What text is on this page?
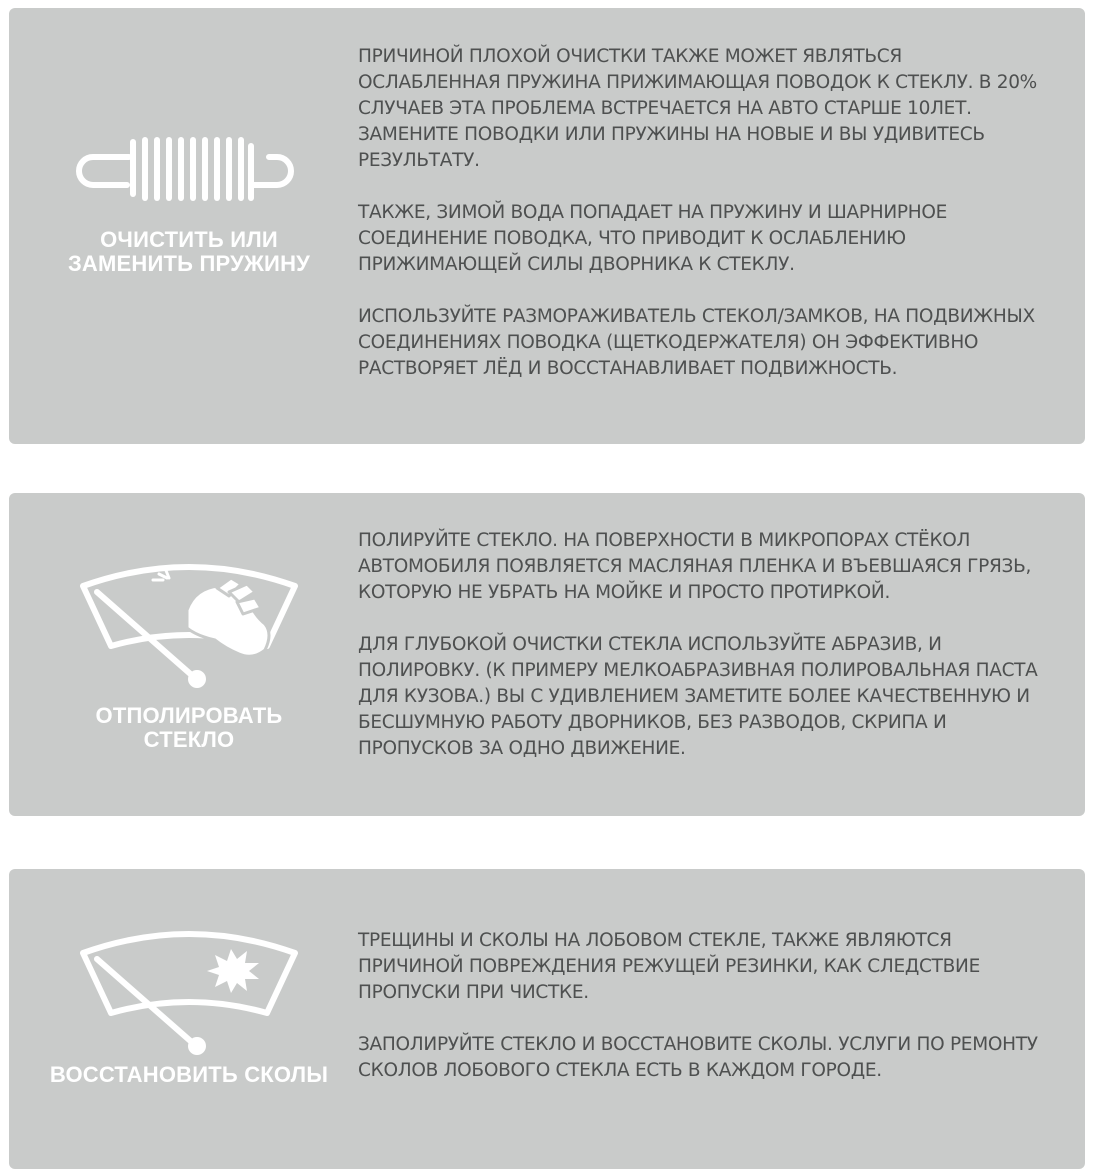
ОЧИСТИТЬ ИЛИ ЗАМЕНИТЬ ПРУЖИНУ

ПРИЧИНОЙ ПЛОХОЙ ОЧИСТКИ ТАКЖЕ МОЖЕТ ЯВЛЯТЬСЯ ОСЛАБЛЕННАЯ ПРУЖИНА ПРИЖИМАЮЩАЯ ПОВОДОК К СТЕКЛУ. В 20% СЛУЧАЕВ ЭТА ПРОБЛЕМА ВСТРЕЧАЕТСЯ НА АВТО СТАРШЕ 10ЛЕТ. ЗАМЕНИТЕ ПОВОДКИ ИЛИ ПРУЖИНЫ НА НОВЫЕ И ВЫ УДИВИТЕСЬ РЕЗУЛЬТАТУ.

ТАКЖЕ, ЗИМОЙ ВОДА ПОПАДАЕТ НА ПРУЖИНУ И ШАРНИРНОЕ СОЕДИНЕНИЕ ПОВОДКА, ЧТО ПРИВОДИТ К ОСЛАБЛЕНИЮ ПРИЖИМАЮЩЕЙ СИЛЫ ДВОРНИКА К СТЕКЛУ.

ИСПОЛЬЗУЙТЕ РАЗМОРАЖИВАТЕЛЬ СТЕКОЛ/ЗАМКОВ, НА ПОДВИЖНЫХ СОЕДИНЕНИЯХ ПОВОДКА (ЩЕТКОДЕРЖАТЕЛЯ) ОН ЭФФЕКТИВНО РАСТВОРЯЕТ ЛЁД И ВОССТАНАВЛИВАЕТ ПОДВИЖНОСТЬ.

ОТПОЛИРОВАТЬ СТЕКЛО

ПОЛИРУЙТЕ СТЕКЛО. НА ПОВЕРХНОСТИ В МИКРОПОРАХ СТЁКОЛ АВТОМОБИЛЯ ПОЯВЛЯЕТСЯ МАСЛЯНАЯ ПЛЕНКА И ВЪЕВШАЯСЯ ГРЯЗЬ, КОТОРУЮ НЕ УБРАТЬ НА МОЙКЕ И ПРОСТО ПРОТИРКОЙ.

ДЛЯ ГЛУБОКОЙ ОЧИСТКИ СТЕКЛА ИСПОЛЬЗУЙТЕ АБРАЗИВ, И ПОЛИРОВКУ. (К ПРИМЕРУ МЕЛКОАБРАЗИВНАЯ ПОЛИРОВАЛЬНАЯ ПАСТА ДЛЯ КУЗОВА.) ВЫ С УДИВЛЕНИЕМ ЗАМЕТИТЕ БОЛЕЕ КАЧЕСТВЕННУЮ И БЕСШУМНУЮ РАБОТУ ДВОРНИКОВ, БЕЗ РАЗВОДОВ, СКРИПА И ПРОПУСКОВ ЗА ОДНО ДВИЖЕНИЕ.

ВОССТАНОВИТЬ СКОЛЫ

ТРЕЩИНЫ И СКОЛЫ НА ЛОБОВОМ СТЕКЛЕ, ТАКЖЕ ЯВЛЯЮТСЯ ПРИЧИНОЙ ПОВРЕЖДЕНИЯ РЕЖУЩЕЙ РЕЗИНКИ, КАК СЛЕДСТВИЕ ПРОПУСКИ ПРИ ЧИСТКЕ.

ЗАПОЛИРУЙТЕ СТЕКЛО И ВОССТАНОВИТЕ СКОЛЫ. УСЛУГИ ПО РЕМОНТУ СКОЛОВ ЛОБОВОГО СТЕКЛА ЕСТЬ В КАЖДОМ ГОРОДЕ.
